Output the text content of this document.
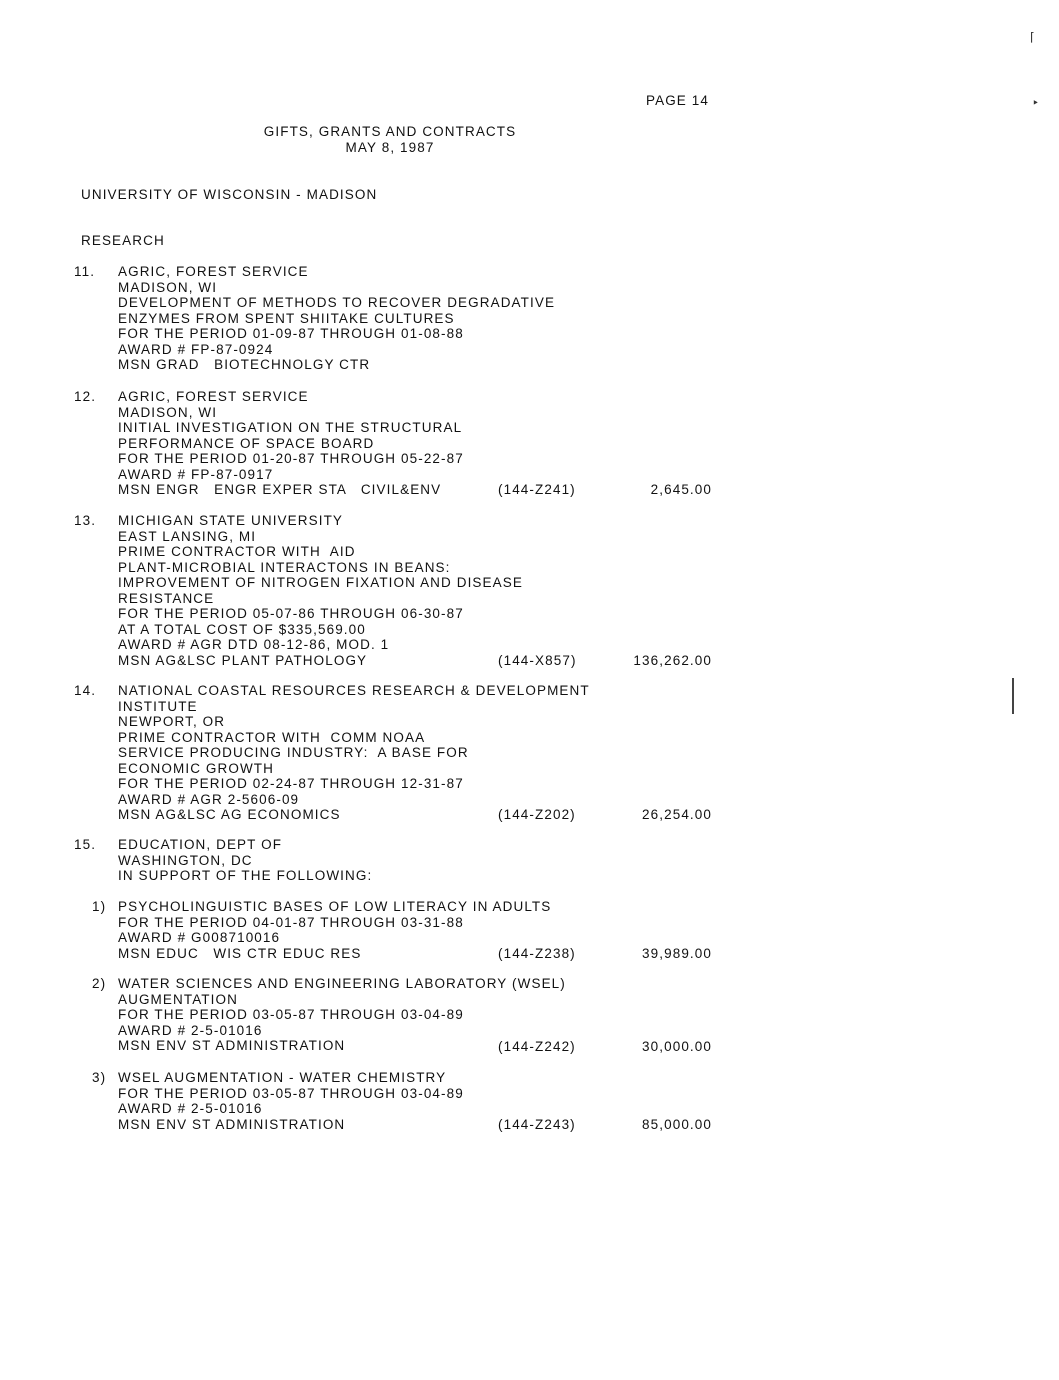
PAGE 14
GIFTS, GRANTS AND CONTRACTS
MAY 8, 1987
UNIVERSITY OF WISCONSIN - MADISON
RESEARCH
11. AGRIC, FOREST SERVICE
MADISON, WI
DEVELOPMENT OF METHODS TO RECOVER DEGRADATIVE
ENZYMES FROM SPENT SHIITAKE CULTURES
FOR THE PERIOD 01-09-87 THROUGH 01-08-88
AWARD # FP-87-0924
MSN GRAD   BIOTECHNOLGY CTR
12. AGRIC, FOREST SERVICE
MADISON, WI
INITIAL INVESTIGATION ON THE STRUCTURAL
PERFORMANCE OF SPACE BOARD
FOR THE PERIOD 01-20-87 THROUGH 05-22-87
AWARD # FP-87-0917
MSN ENGR   ENGR EXPER STA   CIVIL&ENV	(144-Z241)	2,645.00
13. MICHIGAN STATE UNIVERSITY
EAST LANSING, MI
PRIME CONTRACTOR WITH  AID
PLANT-MICROBIAL INTERACTONS IN BEANS:
IMPROVEMENT OF NITROGEN FIXATION AND DISEASE
RESISTANCE
FOR THE PERIOD 05-07-86 THROUGH 06-30-87
AT A TOTAL COST OF $335,569.00
AWARD # AGR DTD 08-12-86, MOD. 1
MSN AG&LSC PLANT PATHOLOGY	(144-X857)	136,262.00
14. NATIONAL COASTAL RESOURCES RESEARCH & DEVELOPMENT
INSTITUTE
NEWPORT, OR
PRIME CONTRACTOR WITH  COMM NOAA
SERVICE PRODUCING INDUSTRY:  A BASE FOR
ECONOMIC GROWTH
FOR THE PERIOD 02-24-87 THROUGH 12-31-87
AWARD # AGR 2-5606-09
MSN AG&LSC AG ECONOMICS	(144-Z202)	26,254.00
15. EDUCATION, DEPT OF
WASHINGTON, DC
IN SUPPORT OF THE FOLLOWING:
1) PSYCHOLINGUISTIC BASES OF LOW LITERACY IN ADULTS
FOR THE PERIOD 04-01-87 THROUGH 03-31-88
AWARD # G008710016
MSN EDUC   WIS CTR EDUC RES	(144-Z238)	39,989.00
2) WATER SCIENCES AND ENGINEERING LABORATORY (WSEL)
AUGMENTATION
FOR THE PERIOD 03-05-87 THROUGH 03-04-89
AWARD # 2-5-01016
MSN ENV ST ADMINISTRATION	(144-Z242)	30,000.00
3) WSEL AUGMENTATION - WATER CHEMISTRY
FOR THE PERIOD 03-05-87 THROUGH 03-04-89
AWARD # 2-5-01016
MSN ENV ST ADMINISTRATION	(144-Z243)	85,000.00
⌈
‣
